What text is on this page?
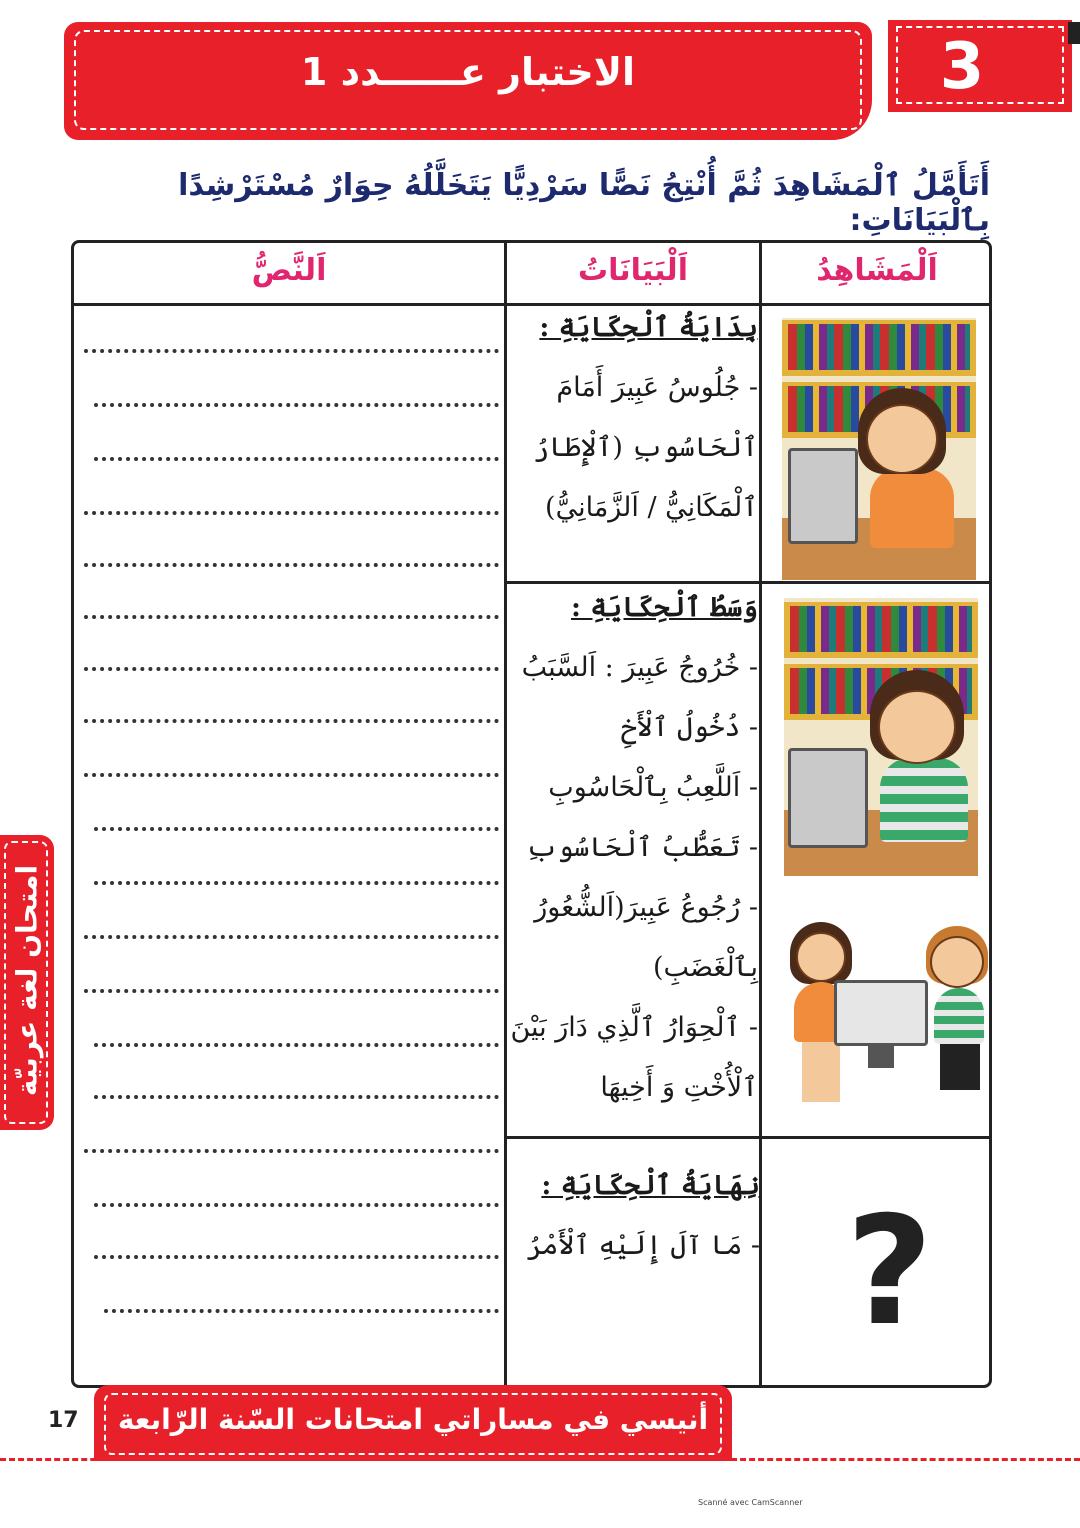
الاختبار عــــــدد 1	3
أَتَأَمَّلُ ٱلْمَشَاهِدَ ثُمَّ أُنْتِجُ نَصًّا سَرْدِيًّا يَتَخَلَّلُهُ حِوَارٌ مُسْتَرْشِدًا بِٱلْبَيَانَاتِ:
اَلْمَشَاهِدُ
اَلْبَيَانَاتُ
اَلنَّصُّ
بِدَايَةُ ٱلْحِكَايَةِ :
- جُلُوسُ عَبِيرَ أَمَامَ
ٱلْحَاسُوبِ (ٱلْإِطَارُ
ٱلْمَكَانِيُّ / اَلزَّمَانِيُّ)
وَسَطُ ٱلْحِكَايَةِ :
- خُرُوجُ عَبِيرَ : اَلسَّبَبُ
- دُخُولُ ٱلْأَخِ
- اَللَّعِبُ بِٱلْحَاسُوبِ
- تَعَطُّبُ ٱلْحَاسُوبِ
- رُجُوعُ عَبِيرَ(اَلشُّعُورُ
بِٱلْغَضَبِ)
- ٱلْحِوَارُ ٱلَّذِي دَارَ بَيْنَ
ٱلْأُخْتِ وَ أَخِيهَا
نِهَايَةُ ٱلْحِكَايَةِ :
- مَا آلَ إِلَيْهِ ٱلْأَمْرُ ?
امتحان لغة عربيّة
أنيسي في مساراتي امتحانات السّنة الرّابعة
17
Scanné avec CamScanner
